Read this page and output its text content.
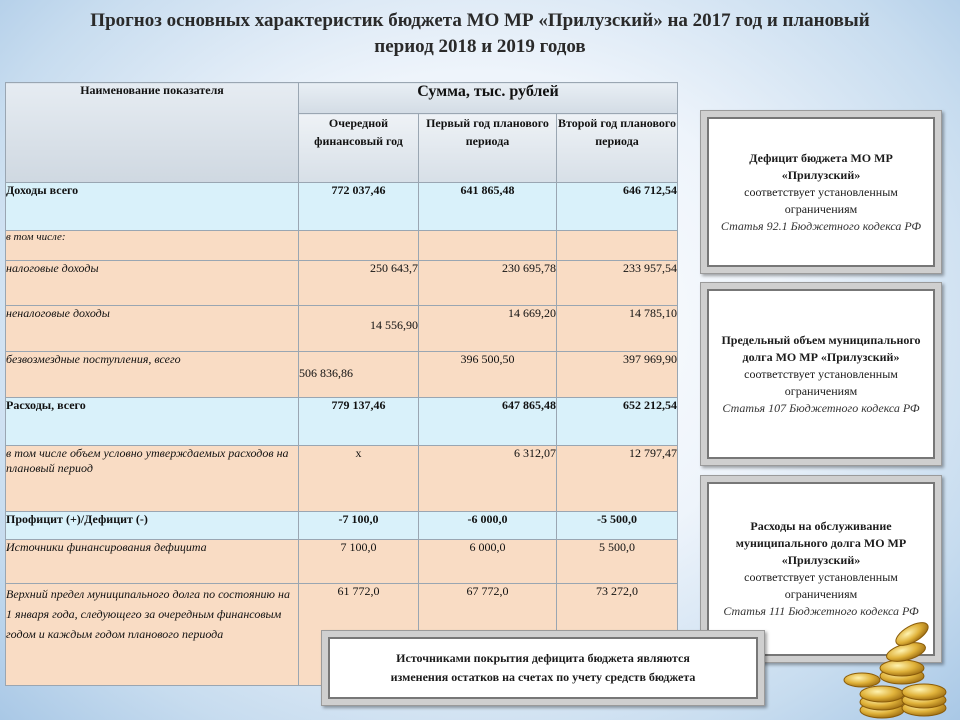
Прогноз основных характеристик бюджета МО МР «Прилузский» на 2017 год и плановый
период 2018 и 2019 годов
Наименование показателя	Сумма, тыс. рублей		
	Очередной финансовый год	Первый год планового периода	Второй год планового периода
Доходы всего	772 037,46	641 865,48	646 712,54
в том числе:			
налоговые доходы	250 643,7	230 695,78	233 957,54
неналоговые доходы	14 556,90	14 669,20	14 785,10
безвозмездные поступления, всего	506 836,86	396 500,50	397 969,90
Расходы, всего	779 137,46	647 865,48	652 212,54
в том числе объем условно утверждаемых расходов на плановый период	х	6 312,07	12 797,47
Профицит (+)/Дефицит (-)	-7 100,0	-6 000,0	-5 500,0
Источники финансирования дефицита	7 100,0	6 000,0	5 500,0
Верхний предел муниципального долга по состоянию на 1 января года, следующего за очередным финансовым годом и каждым годом планового периода	61 772,0	67 772,0	73 272,0
Дефицит бюджета МО МР «Прилузский»
соответствует установленным ограничениям
Статья 92.1 Бюджетного кодекса РФ
Предельный объем муниципального долга МО МР «Прилузский»
соответствует установленным ограничениям
Статья 107 Бюджетного кодекса РФ
Расходы на обслуживание муниципального долга МО МР «Прилузский»
соответствует установленным ограничениям
Статья 111 Бюджетного кодекса РФ
Источниками покрытия дефицита бюджета являются
изменения остатков на счетах по учету средств бюджета
